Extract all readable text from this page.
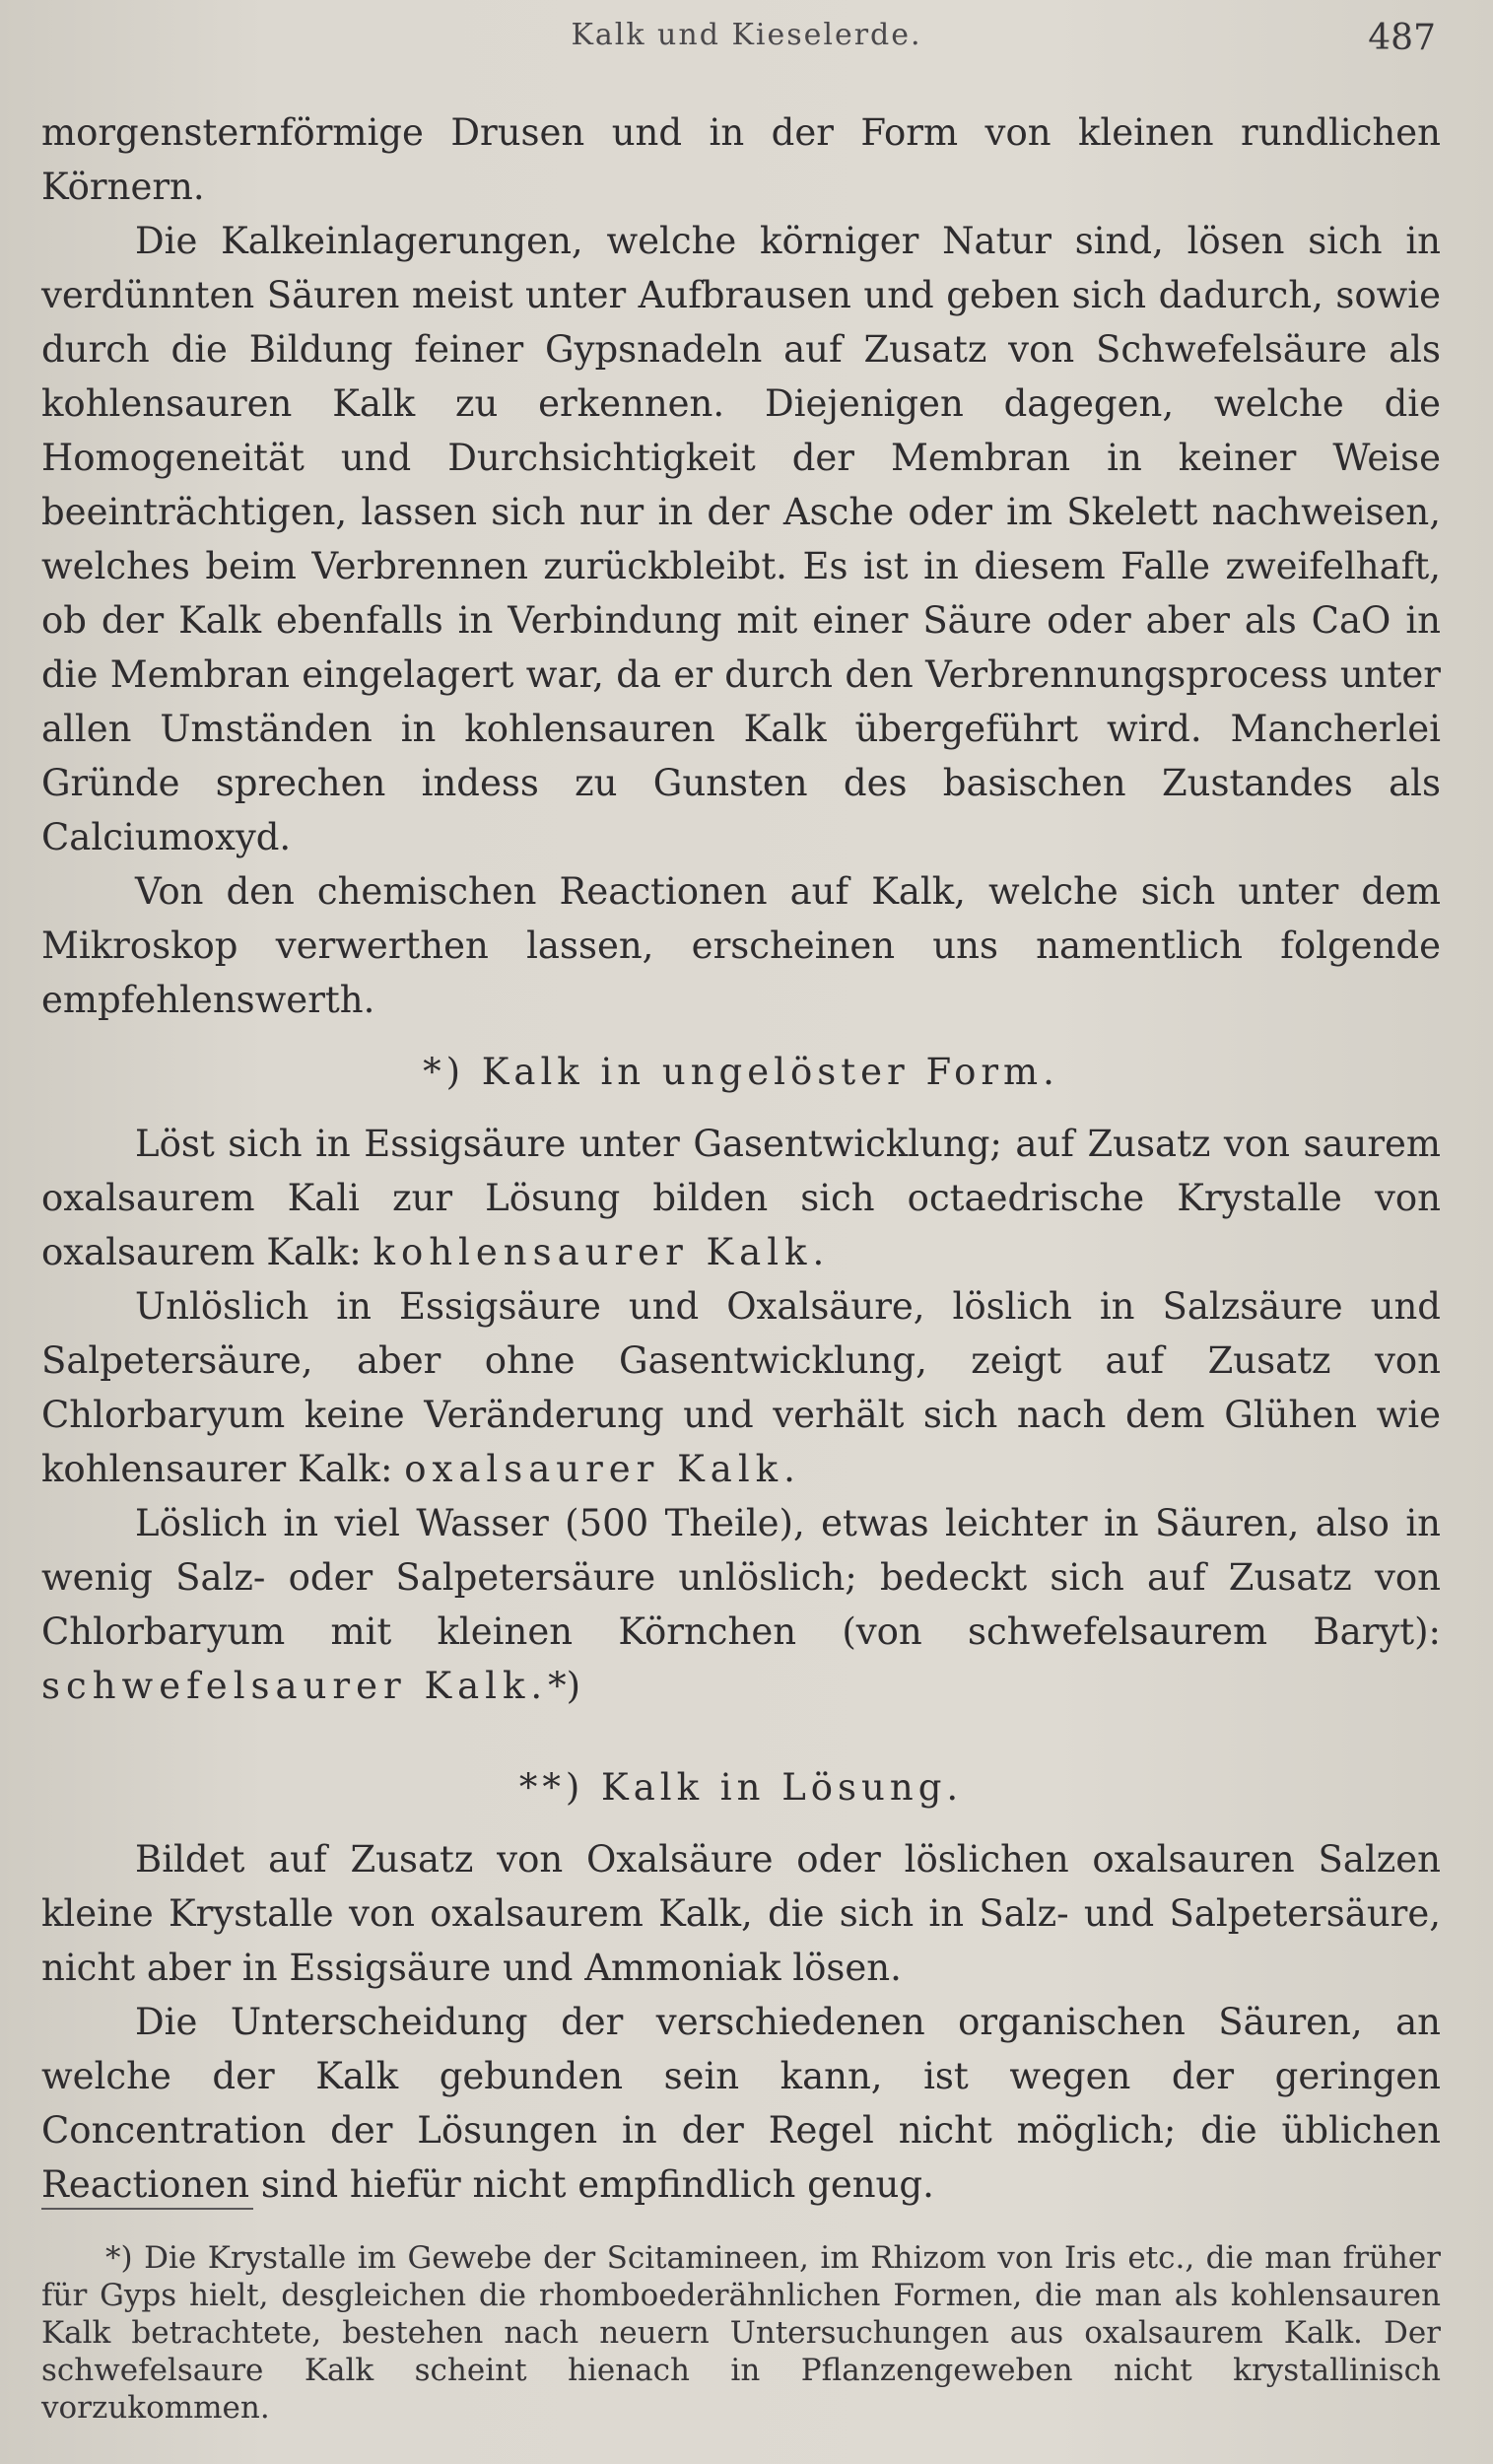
Kalk und Kieselerde.	487

morgensternförmige Drusen und in der Form von kleinen rundlichen Körnern.

Die Kalkeinlagerungen, welche körniger Natur sind, lösen sich in verdünnten Säuren meist unter Aufbrausen und geben sich dadurch, sowie durch die Bildung feiner Gypsnadeln auf Zusatz von Schwefelsäure als kohlensauren Kalk zu erkennen. Diejenigen dagegen, welche die Homogeneität und Durchsichtigkeit der Membran in keiner Weise beeinträchtigen, lassen sich nur in der Asche oder im Skelett nachweisen, welches beim Verbrennen zurückbleibt. Es ist in diesem Falle zweifelhaft, ob der Kalk ebenfalls in Verbindung mit einer Säure oder aber als CaO in die Membran eingelagert war, da er durch den Verbrennungsprocess unter allen Umständen in kohlensauren Kalk übergeführt wird. Mancherlei Gründe sprechen indess zu Gunsten des basischen Zustandes als Calciumoxyd.

Von den chemischen Reactionen auf Kalk, welche sich unter dem Mikroskop verwerthen lassen, erscheinen uns namentlich folgende empfehlenswerth.

*) Kalk in ungelöster Form.

Löst sich in Essigsäure unter Gasentwicklung; auf Zusatz von saurem oxalsaurem Kali zur Lösung bilden sich octaedrische Krystalle von oxalsaurem Kalk: kohlensaurer Kalk.

Unlöslich in Essigsäure und Oxalsäure, löslich in Salzsäure und Salpetersäure, aber ohne Gasentwicklung, zeigt auf Zusatz von Chlorbaryum keine Veränderung und verhält sich nach dem Glühen wie kohlensaurer Kalk: oxalsaurer Kalk.

Löslich in viel Wasser (500 Theile), etwas leichter in Säuren, also in wenig Salz- oder Salpetersäure unlöslich; bedeckt sich auf Zusatz von Chlorbaryum mit kleinen Körnchen (von schwefelsaurem Baryt): schwefelsaurer Kalk.*)

**) Kalk in Lösung.

Bildet auf Zusatz von Oxalsäure oder löslichen oxalsauren Salzen kleine Krystalle von oxalsaurem Kalk, die sich in Salz- und Salpetersäure, nicht aber in Essigsäure und Ammoniak lösen.

Die Unterscheidung der verschiedenen organischen Säuren, an welche der Kalk gebunden sein kann, ist wegen der geringen Concentration der Lösungen in der Regel nicht möglich; die üblichen Reactionen sind hiefür nicht empfindlich genug.

*) Die Krystalle im Gewebe der Scitamineen, im Rhizom von Iris etc., die man früher für Gyps hielt, desgleichen die rhomboederähnlichen Formen, die man als kohlensauren Kalk betrachtete, bestehen nach neuern Untersuchungen aus oxalsaurem Kalk. Der schwefelsaure Kalk scheint hienach in Pflanzengeweben nicht krystallinisch vorzukommen.
